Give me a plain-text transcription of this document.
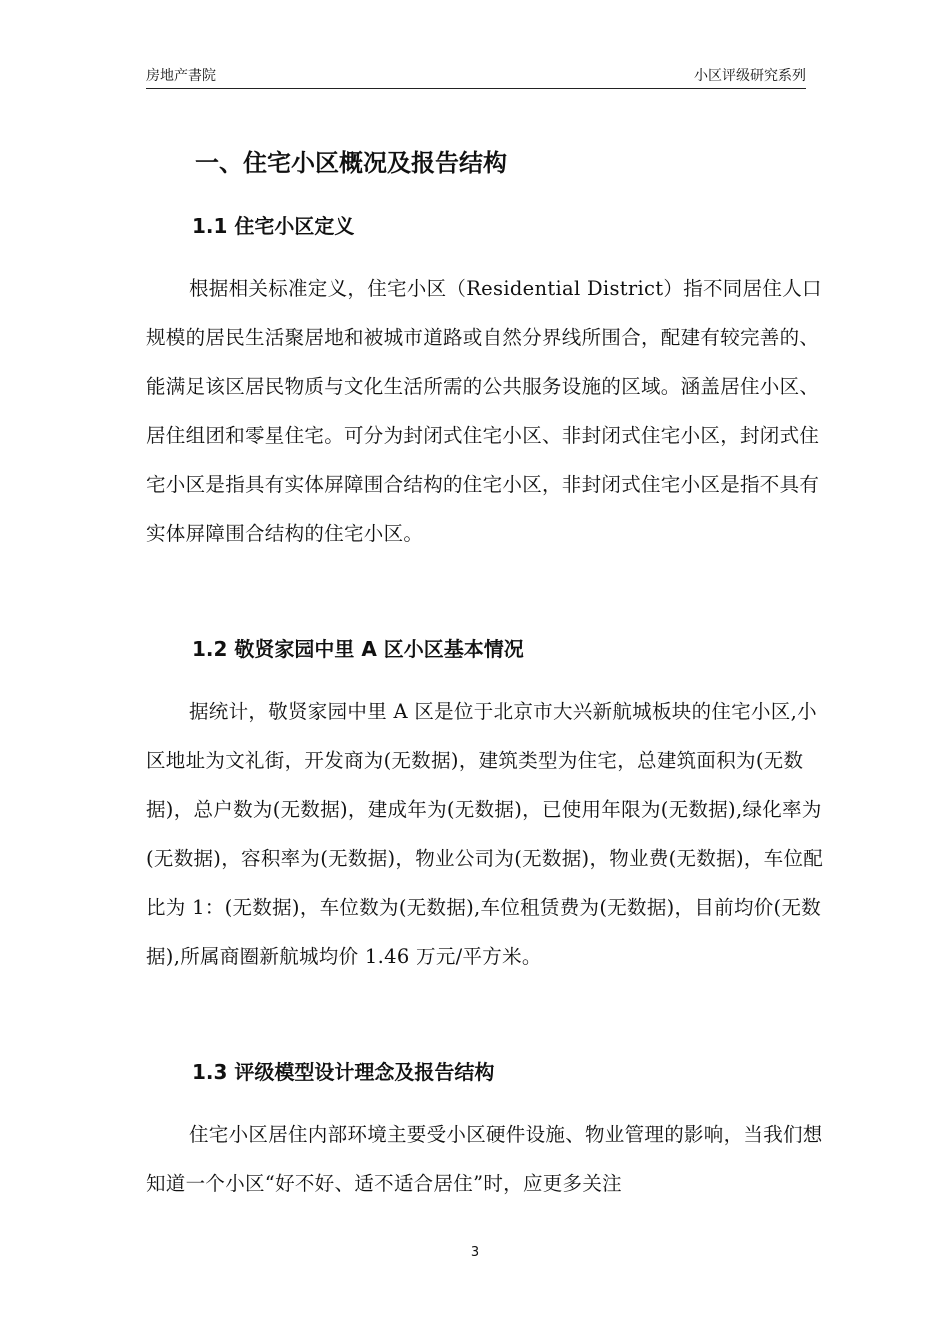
房地产書院	小区评级研究系列
一、住宅小区概况及报告结构
1.1 住宅小区定义

根据相关标准定义，住宅小区（Residential District）指不同居住人口规模的居民生活聚居地和被城市道路或自然分界线所围合，配建有较完善的、能满足该区居民物质与文化生活所需的公共服务设施的区域。涵盖居住小区、居住组团和零星住宅。可分为封闭式住宅小区、非封闭式住宅小区，封闭式住宅小区是指具有实体屏障围合结构的住宅小区，非封闭式住宅小区是指不具有实体屏障围合结构的住宅小区。

1.2 敬贤家园中里 A 区小区基本情况

据统计，敬贤家园中里 A 区是位于北京市大兴新航城板块的住宅小区,小区地址为文礼街，开发商为(无数据)，建筑类型为住宅，总建筑面积为(无数据)，总户数为(无数据)，建成年为(无数据)，已使用年限为(无数据),绿化率为(无数据)，容积率为(无数据)，物业公司为(无数据)，物业费(无数据)，车位配比为 1：(无数据)，车位数为(无数据),车位租赁费为(无数据)，目前均价(无数据),所属商圈新航城均价 1.46 万元/平方米。

1.3 评级模型设计理念及报告结构

住宅小区居住内部环境主要受小区硬件设施、物业管理的影响，当我们想知道一个小区“好不好、适不适合居住”时，应更多关注

3
